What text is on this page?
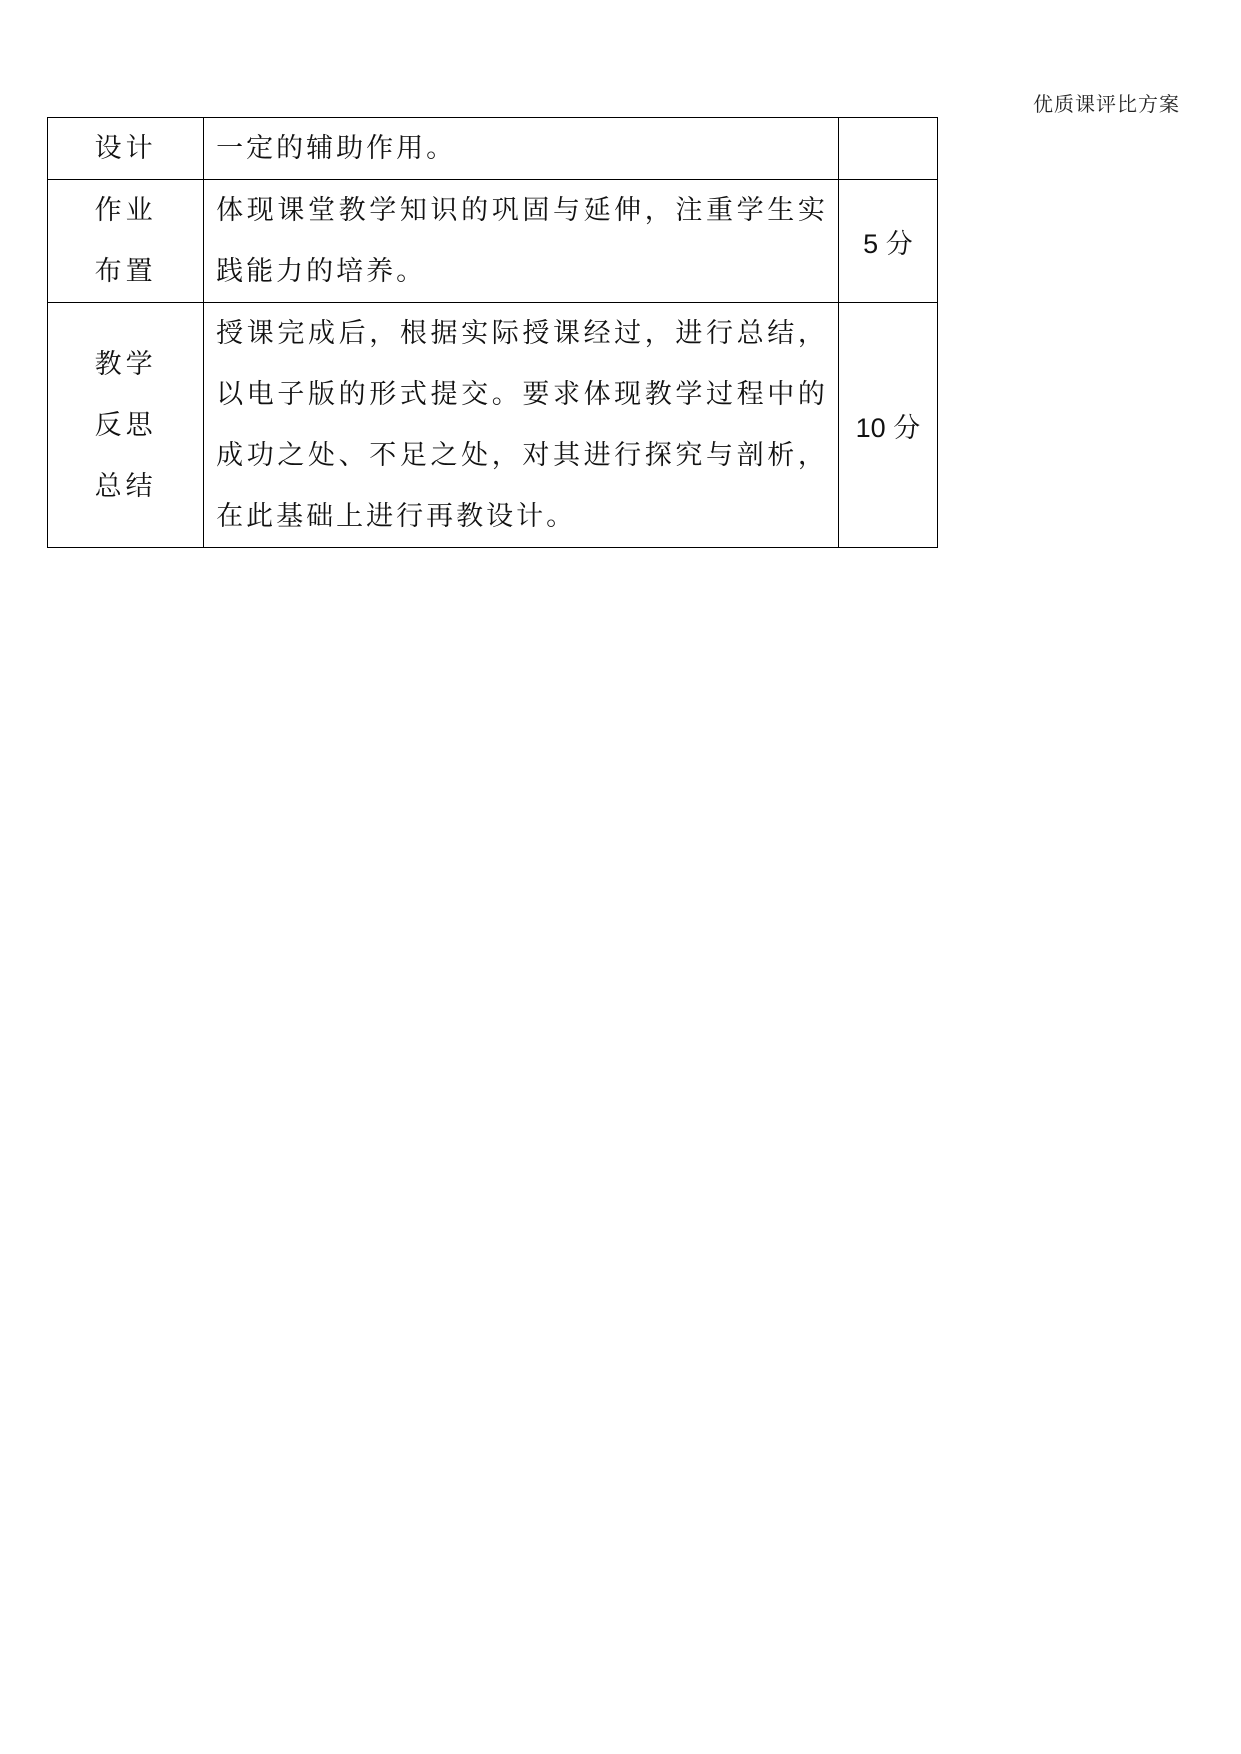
优质课评比方案
设计	一定的辅助作用。	

作业
布置	体现课堂教学知识的巩固与延伸，注重学生实践能力的培养。	5 分

教学
反思
总结	授课完成后，根据实际授课经过，进行总结，以电子版的形式提交。要求体现教学过程中的成功之处、不足之处，对其进行探究与剖析，在此基础上进行再教设计。	10 分
